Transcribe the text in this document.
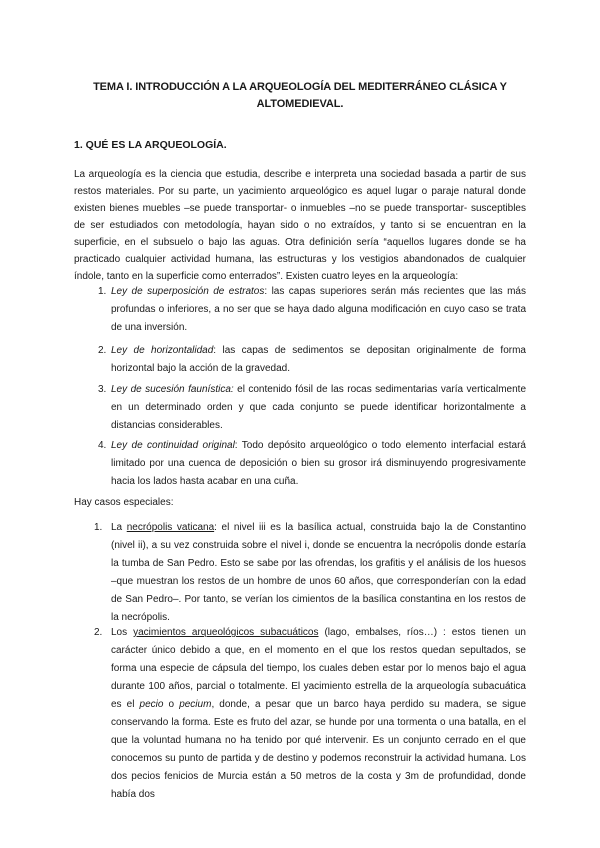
TEMA I. INTRODUCCIÓN A LA ARQUEOLOGÍA DEL MEDITERRÁNEO CLÁSICA Y
ALTOMEDIEVAL.
1. QUÉ ES LA ARQUEOLOGÍA.
La arqueología es la ciencia que estudia, describe e interpreta una sociedad basada a partir de sus restos materiales. Por su parte, un yacimiento arqueológico es aquel lugar o paraje natural donde existen bienes muebles –se puede transportar- o inmuebles –no se puede transportar- susceptibles de ser estudiados con metodología, hayan sido o no extraídos, y tanto si se encuentran en la superficie, en el subsuelo o bajo las aguas. Otra definición sería “aquellos lugares donde se ha practicado cualquier actividad humana, las estructuras y los vestigios abandonados de cualquier índole, tanto en la superficie como enterrados”. Existen cuatro leyes en la arqueología:
1. Ley de superposición de estratos: las capas superiores serán más recientes que las más profundas o inferiores, a no ser que se haya dado alguna modificación en cuyo caso se trata de una inversión.
2. Ley de horizontalidad: las capas de sedimentos se depositan originalmente de forma horizontal bajo la acción de la gravedad.
3. Ley de sucesión faunística: el contenido fósil de las rocas sedimentarias varía verticalmente en un determinado orden y que cada conjunto se puede identificar horizontalmente a distancias considerables.
4. Ley de continuidad original: Todo depósito arqueológico o todo elemento interfacial estará limitado por una cuenca de deposición o bien su grosor irá disminuyendo progresivamente hacia los lados hasta acabar en una cuña.
Hay casos especiales:
1. La necrópolis vaticana: el nivel iii es la basílica actual, construida bajo la de Constantino (nivel ii), a su vez construida sobre el nivel i, donde se encuentra la necrópolis donde estaría la tumba de San Pedro. Esto se sabe por las ofrendas, los grafitis y el análisis de los huesos –que muestran los restos de un hombre de unos 60 años, que corresponderían con la edad de San Pedro–. Por tanto, se verían los cimientos de la basílica constantina en los restos de la necrópolis.
2. Los yacimientos arqueológicos subacuáticos (lago, embalses, ríos…) : estos tienen un carácter único debido a que, en el momento en el que los restos quedan sepultados, se forma una especie de cápsula del tiempo, los cuales deben estar por lo menos bajo el agua durante 100 años, parcial o totalmente. El yacimiento estrella de la arqueología subacuática es el pecio o pecium, donde, a pesar que un barco haya perdido su madera, se sigue conservando la forma. Este es fruto del azar, se hunde por una tormenta o una batalla, en el que la voluntad humana no ha tenido por qué intervenir. Es un conjunto cerrado en el que conocemos su punto de partida y de destino y podemos reconstruir la actividad humana. Los dos pecios fenicios de Murcia están a 50 metros de la costa y 3m de profundidad, donde había dos
